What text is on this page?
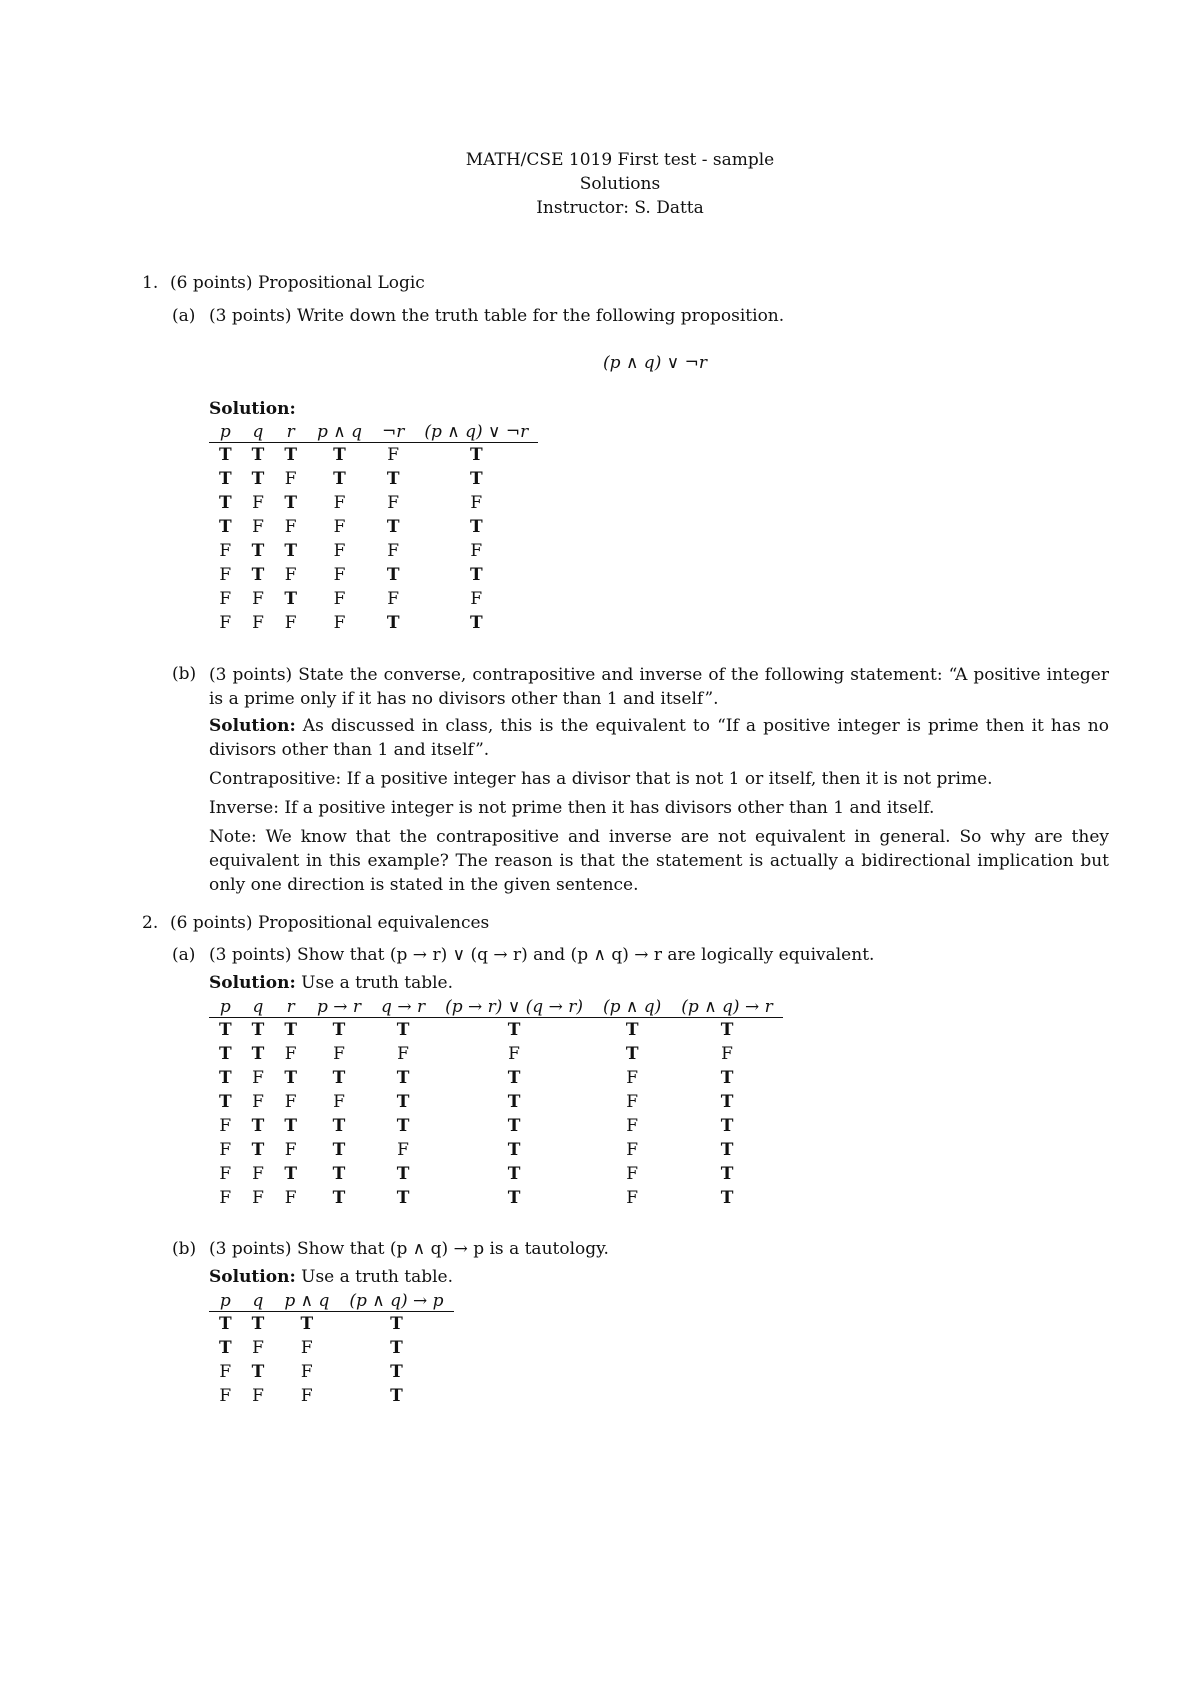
MATH/CSE 1019 First test - sample
Solutions
Instructor: S. Datta
1. (6 points) Propositional Logic
(a) (3 points) Write down the truth table for the following proposition.
(p ∧ q) ∨ ¬r
Solution:
p	q	r	p ∧ q	¬r	(p ∧ q) ∨ ¬r
T	T	T	T	F	T
T	T	F	T	T	T
T	F	T	F	F	F
T	F	F	F	T	T
F	T	T	F	F	F
F	T	F	F	T	T
F	F	T	F	F	F
F	F	F	F	T	T
(b) (3 points) State the converse, contrapositive and inverse of the following statement: “A positive integer is a prime only if it has no divisors other than 1 and itself”.

Solution: As discussed in class, this is the equivalent to “If a positive integer is prime then it has no divisors other than 1 and itself”.

Contrapositive: If a positive integer has a divisor that is not 1 or itself, then it is not prime.

Inverse: If a positive integer is not prime then it has divisors other than 1 and itself.

Note: We know that the contrapositive and inverse are not equivalent in general. So why are they equivalent in this example? The reason is that the statement is actually a bidirectional implication but only one direction is stated in the given sentence.

2. (6 points) Propositional equivalences
(a) (3 points) Show that (p → r) ∨ (q → r) and (p ∧ q) → r are logically equivalent.
Solution: Use a truth table.
p	q	r	p → r	q → r	(p → r) ∨ (q → r)	(p ∧ q)	(p ∧ q) → r
T	T	T	T	T	T	T	T
T	T	F	F	F	F	T	F
T	F	T	T	T	T	F	T
T	F	F	F	T	T	F	T
F	T	T	T	T	T	F	T
F	T	F	T	F	T	F	T
F	F	T	T	T	T	F	T
F	F	F	T	T	T	F	T
(b) (3 points) Show that (p ∧ q) → p is a tautology.
Solution: Use a truth table.
p	q	p ∧ q	(p ∧ q) → p
T	T	T	T
T	F	F	T
F	T	F	T
F	F	F	T
